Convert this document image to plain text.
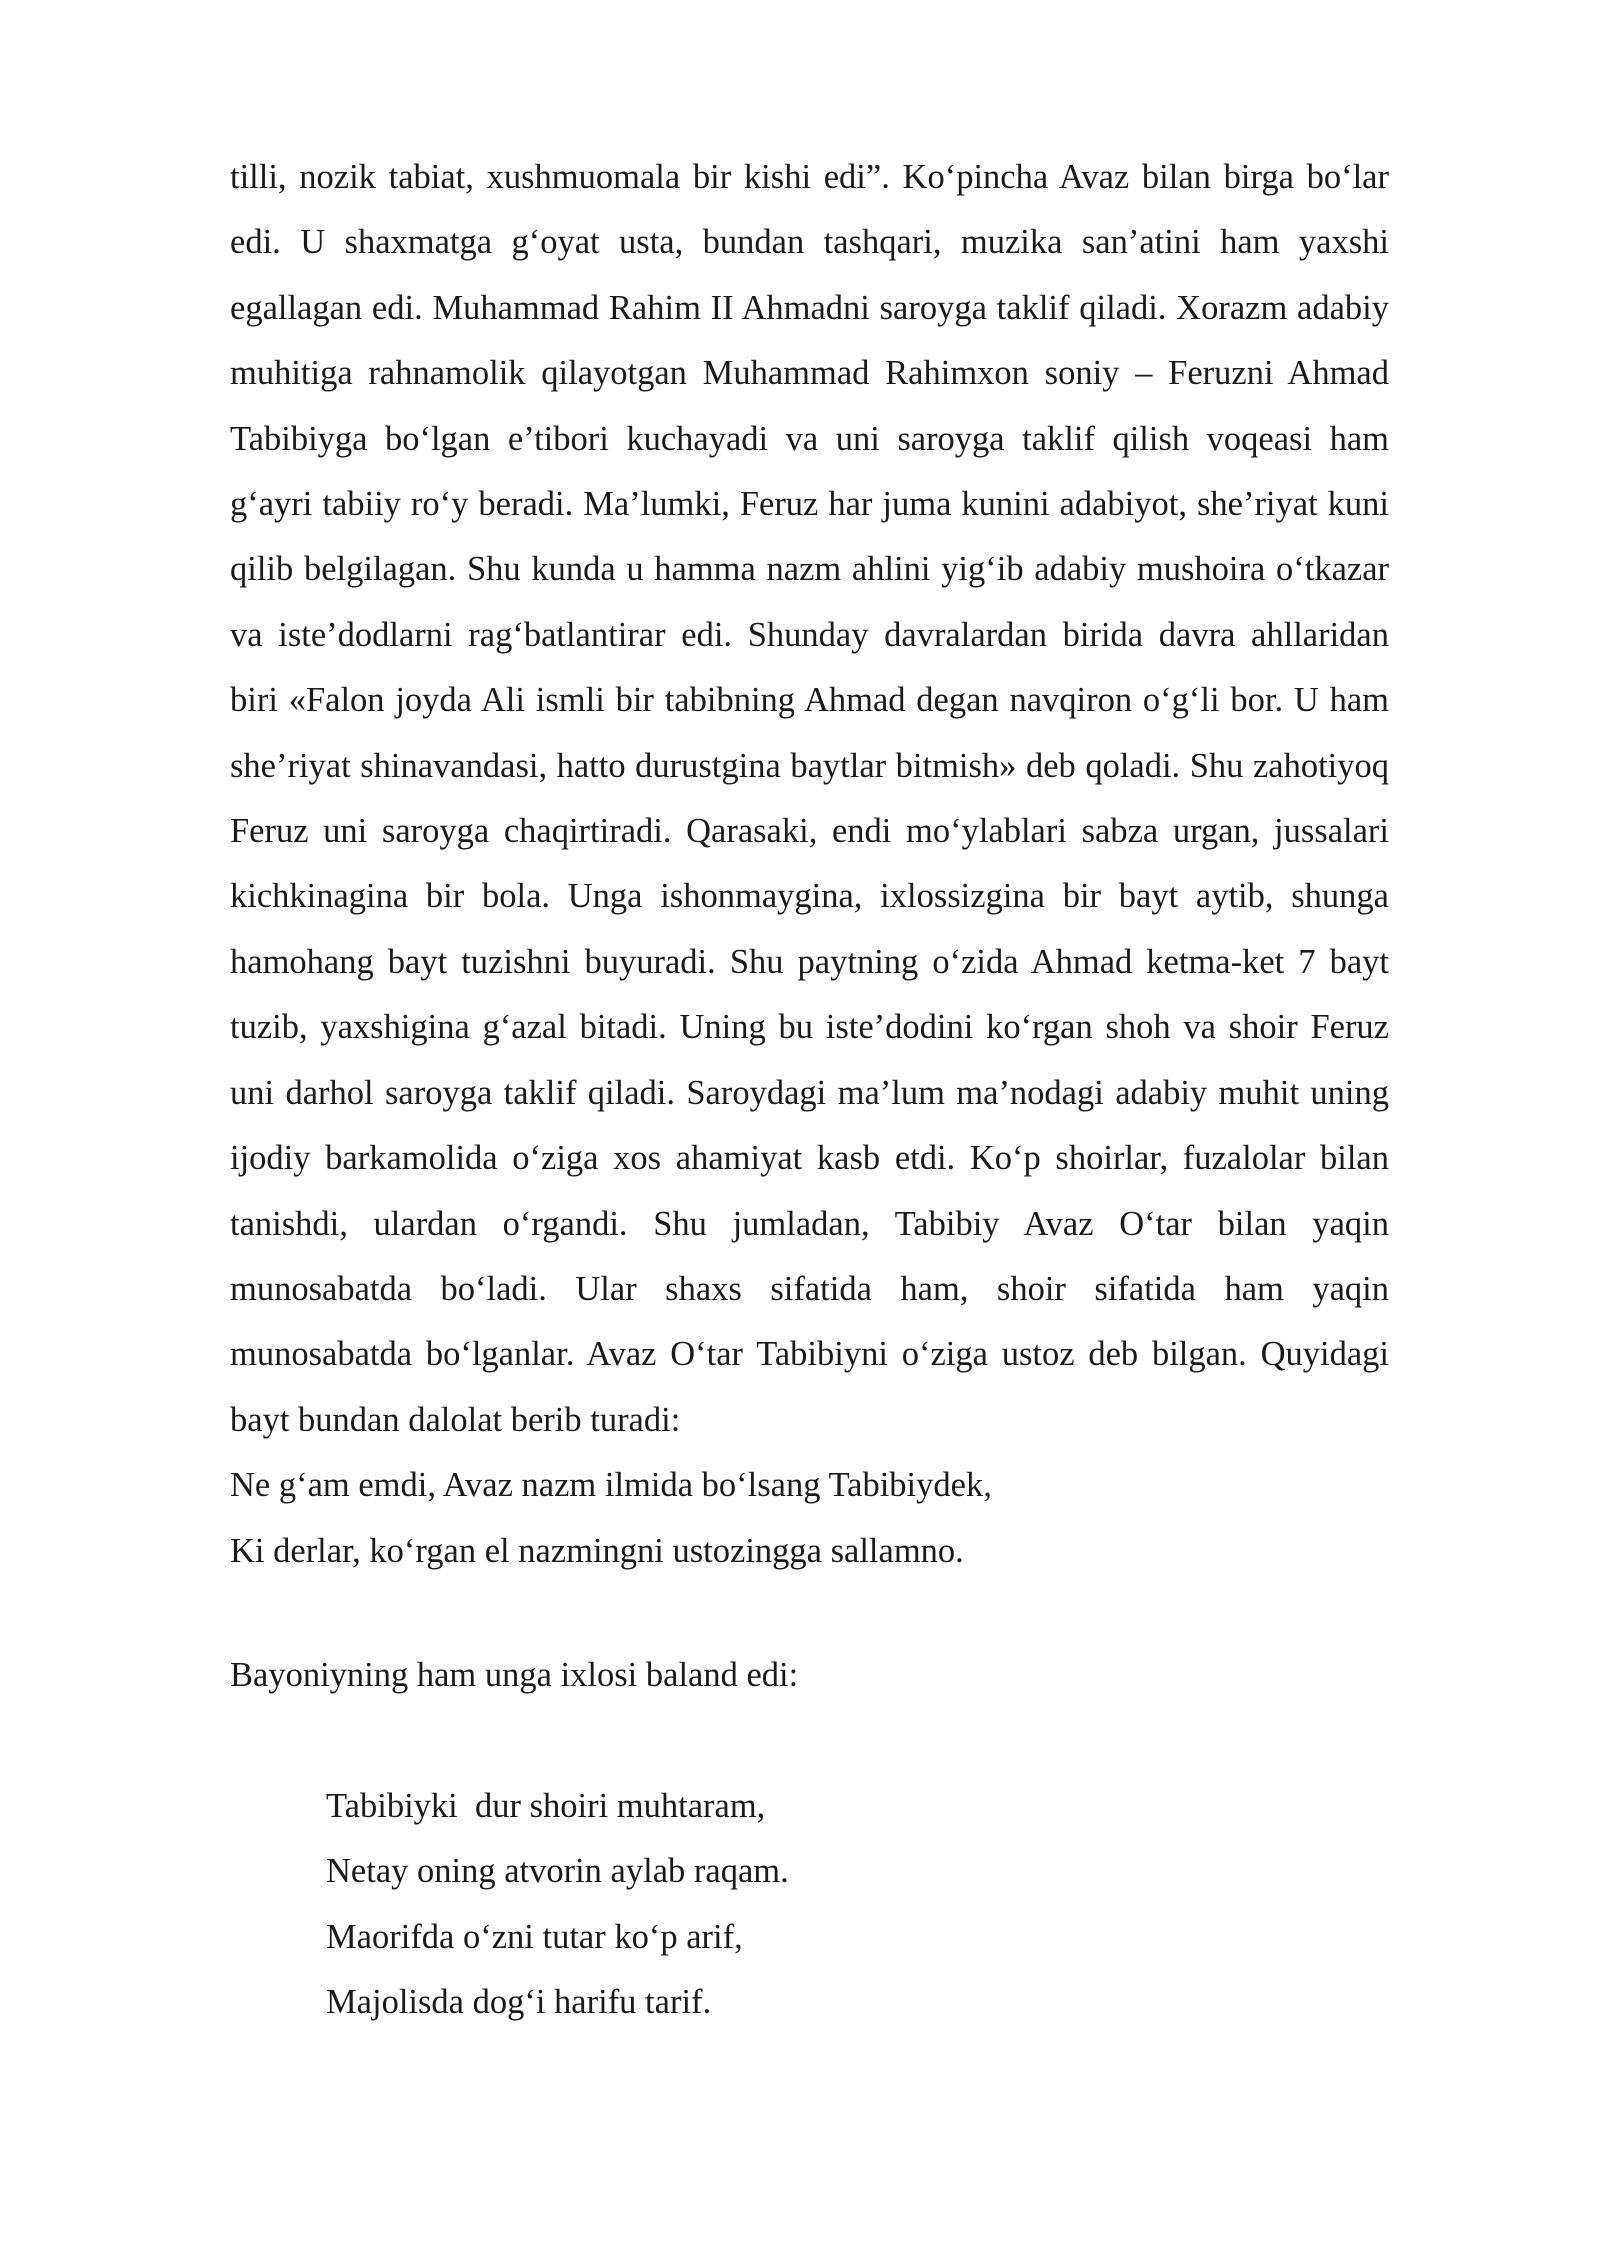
tilli, nozik tabiat, xushmuomala bir kishi edi”. Ko‘pincha Avaz bilan birga bo‘lar edi. U shaxmatga g‘oyat usta, bundan tashqari, muzika san’atini ham yaxshi egallagan edi. Muhammad Rahim II Ahmadni saroyga taklif qiladi. Xorazm adabiy muhitiga rahnamolik qilayotgan Muhammad Rahimxon soniy – Feruzni Ahmad Tabibiyga bo‘lgan e’tibori kuchayadi va uni saroyga taklif qilish voqeasi ham g‘ayri tabiiy ro‘y beradi. Ma’lumki, Feruz har juma kunini adabiyot, she’riyat kuni qilib belgilagan. Shu kunda u hamma nazm ahlini yig‘ib adabiy mushoira o‘tkazar va iste’dodlarni rag‘batlantirar edi. Shunday davralardan birida davra ahllaridan biri «Falon joyda Ali ismli bir tabibning Ahmad degan navqiron o‘g‘li bor. U ham she’riyat shinavandasi, hatto durustgina baytlar bitmish» deb qoladi. Shu zahotiyoq Feruz uni saroyga chaqirtiradi. Qarasaki, endi mo‘ylablari sabza urgan, jussalari kichkinagina bir bola. Unga ishonmaygina, ixlossizgina bir bayt aytib, shunga hamohang bayt tuzishni buyuradi. Shu paytning o‘zida Ahmad ketma-ket 7 bayt tuzib, yaxshigina g‘azal bitadi. Uning bu iste’dodini ko‘rgan shoh va shoir Feruz uni darhol saroyga taklif qiladi. Saroydagi ma’lum ma’nodagi adabiy muhit uning ijodiy barkamolida o‘ziga xos ahamiyat kasb etdi. Ko‘p shoirlar, fuzalolar bilan tanishdi, ulardan o‘rgandi. Shu jumladan, Tabibiy Avaz O‘tar bilan yaqin munosabatda bo‘ladi. Ular shaxs sifatida ham, shoir sifatida ham yaqin munosabatda bo‘lganlar. Avaz O‘tar Tabibiyni o‘ziga ustoz deb bilgan. Quyidagi bayt bundan dalolat berib turadi:

Ne g‘am emdi, Avaz nazm ilmida bo‘lsang Tabibiydek,

Ki derlar, ko‘rgan el nazmingni ustozingga sallamno.

Bayoniyning ham unga ixlosi baland edi:

Tabibiyki  dur shoiri muhtaram,

Netay oning atvorin aylab raqam.

Maorifda o‘zni tutar ko‘p arif,

Majolisda dog‘i harifu tarif.
